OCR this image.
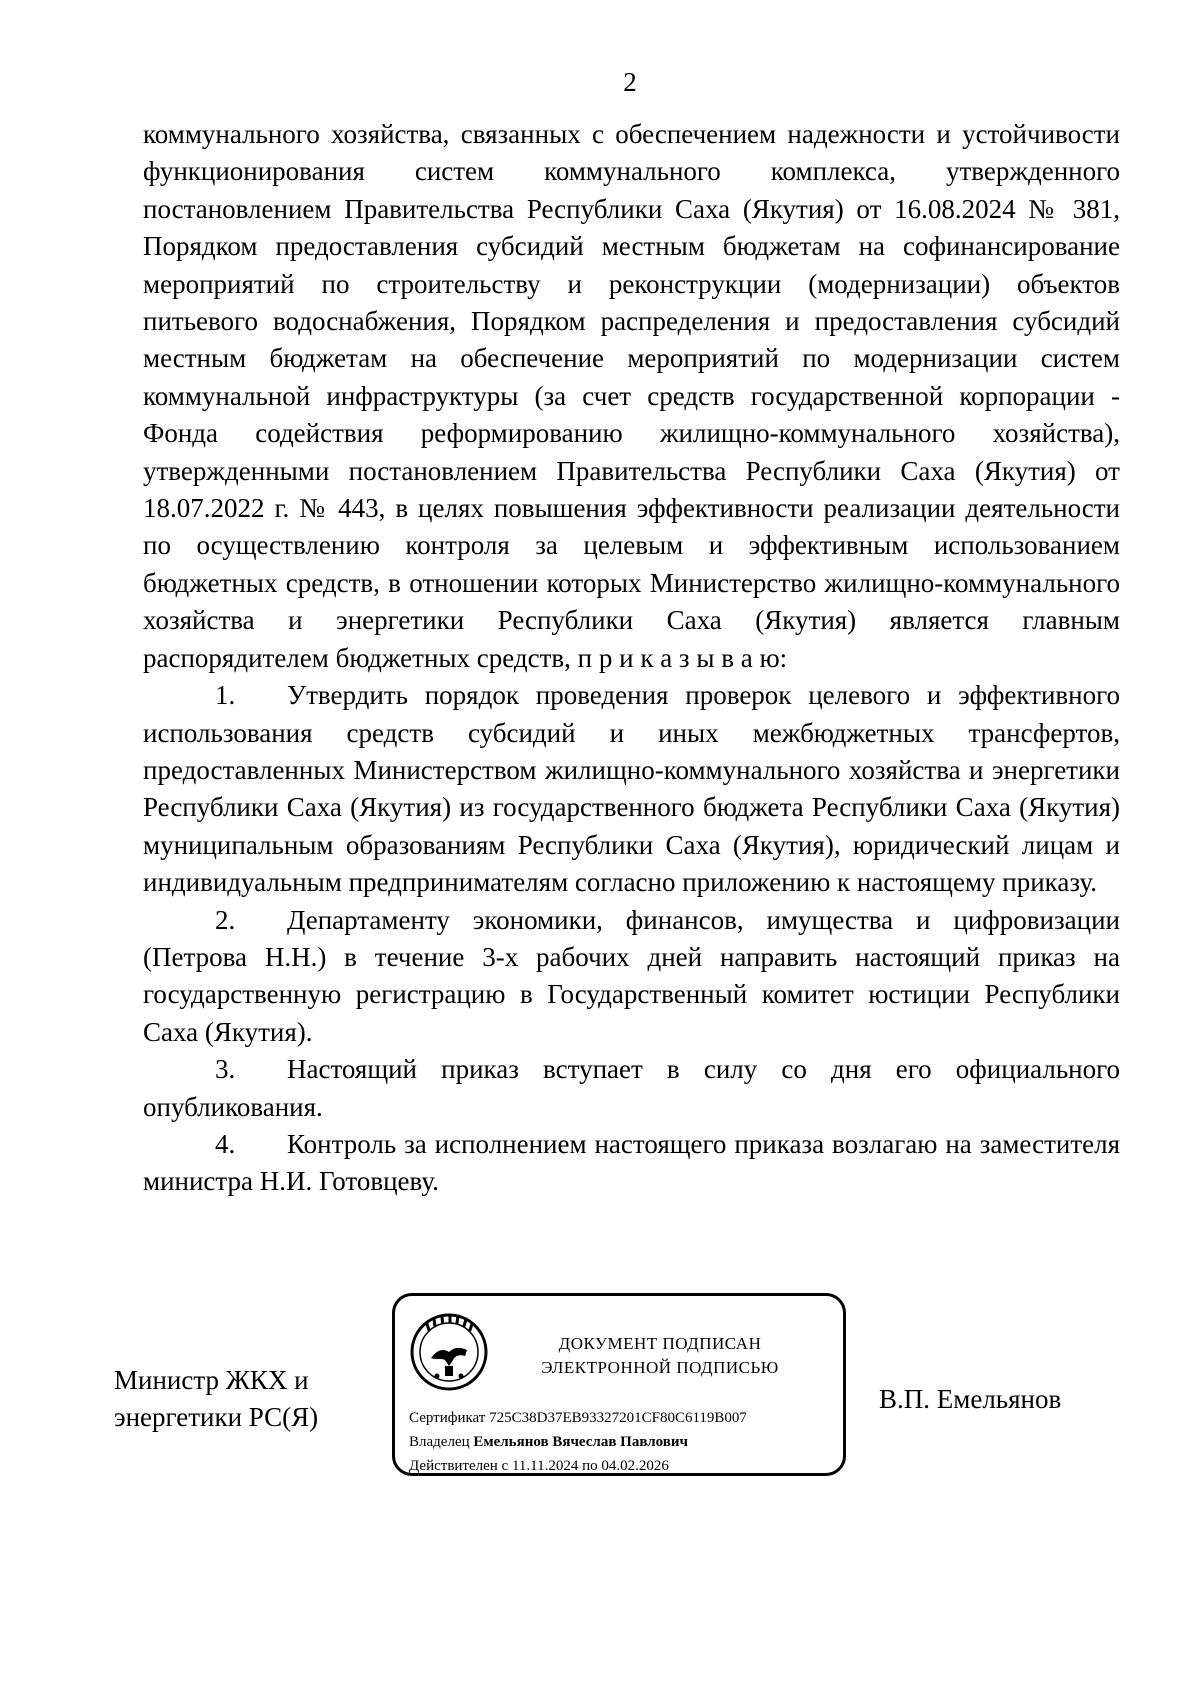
2

коммунального хозяйства, связанных с обеспечением надежности и устойчивости функционирования систем коммунального комплекса, утвержденного постановлением Правительства Республики Саха (Якутия) от 16.08.2024 № 381, Порядком предоставления субсидий местным бюджетам на софинансирование мероприятий по строительству и реконструкции (модернизации) объектов питьевого водоснабжения, Порядком распределения и предоставления субсидий местным бюджетам на обеспечение мероприятий по модернизации систем коммунальной инфраструктуры (за счет средств государственной корпорации - Фонда содействия реформированию жилищно-коммунального хозяйства), утвержденными постановлением Правительства Республики Саха (Якутия) от 18.07.2022 г. № 443, в целях повышения эффективности реализации деятельности по осуществлению контроля за целевым и эффективным использованием бюджетных средств, в отношении которых Министерство жилищно-коммунального хозяйства и энергетики Республики Саха (Якутия) является главным распорядителем бюджетных средств, п р и к а з ы в а ю:

1. Утвердить порядок проведения проверок целевого и эффективного использования средств субсидий и иных межбюджетных трансфертов, предоставленных Министерством жилищно-коммунального хозяйства и энергетики Республики Саха (Якутия) из государственного бюджета Республики Саха (Якутия) муниципальным образованиям Республики Саха (Якутия), юридический лицам и индивидуальным предпринимателям согласно приложению к настоящему приказу.

2. Департаменту экономики, финансов, имущества и цифровизации (Петрова Н.Н.) в течение 3-х рабочих дней направить настоящий приказ на государственную регистрацию в Государственный комитет юстиции Республики Саха (Якутия).

3. Настоящий приказ вступает в силу со дня его официального опубликования.

4. Контроль за исполнением настоящего приказа возлагаю на заместителя министра Н.И. Готовцеву.

Министр ЖКХ и
энергетики РС(Я)
ДОКУМЕНТ ПОДПИСАН
ЭЛЕКТРОННОЙ ПОДПИСЬЮ
Сертификат 725C38D37EB93327201CF80C6119B007
Владелец Емельянов Вячеслав Павлович
Действителен с 11.11.2024 по 04.02.2026
В.П. Емельянов
